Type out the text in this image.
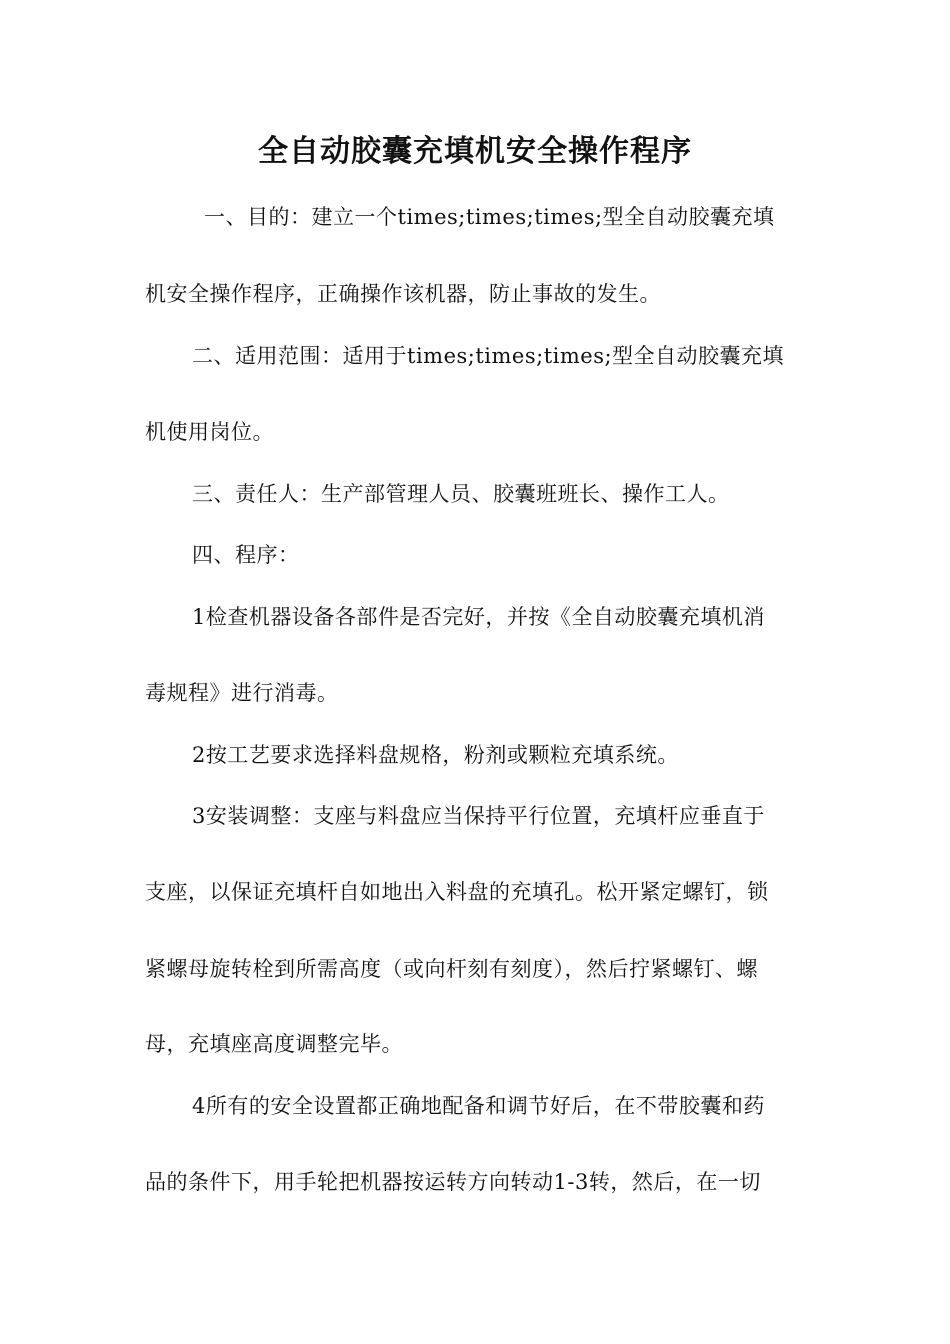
全自动胶囊充填机安全操作程序
一、目的：建立一个times;times;times;型全自动胶囊充填
机安全操作程序，正确操作该机器，防止事故的发生。
二、适用范围：适用于times;times;times;型全自动胶囊充填
机使用岗位。
三、责任人：生产部管理人员、胶囊班班长、操作工人。
四、程序：
1检查机器设备各部件是否完好，并按《全自动胶囊充填机消
毒规程》进行消毒。
2按工艺要求选择料盘规格，粉剂或颗粒充填系统。
3安装调整：支座与料盘应当保持平行位置，充填杆应垂直于
支座，以保证充填杆自如地出入料盘的充填孔。松开紧定螺钉，锁
紧螺母旋转栓到所需高度（或向杆刻有刻度），然后拧紧螺钉、螺
母，充填座高度调整完毕。
4所有的安全设置都正确地配备和调节好后，在不带胶囊和药
品的条件下，用手轮把机器按运转方向转动1-3转，然后，在一切
